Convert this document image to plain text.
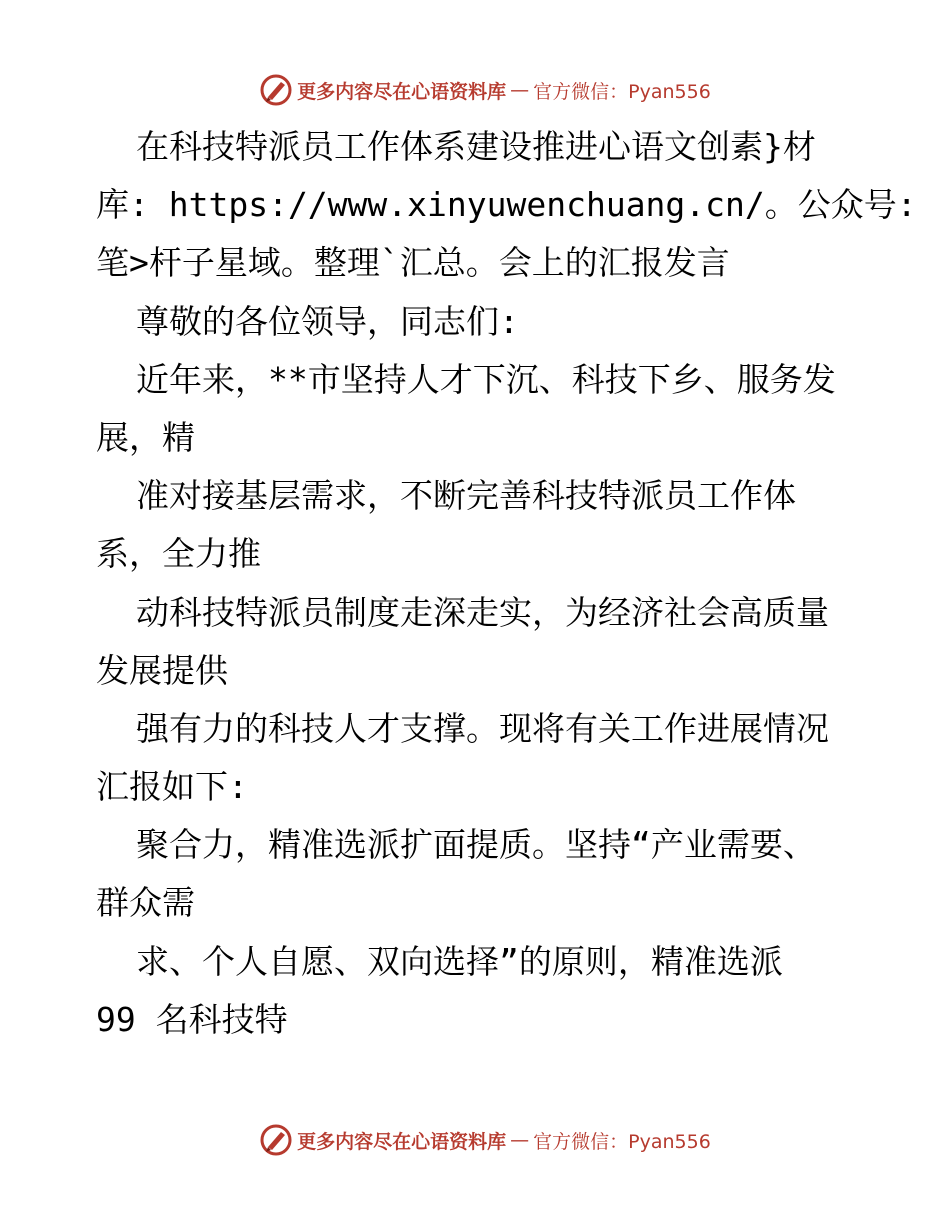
更多内容尽在心语资料库 — 官方微信：Pyan556
在科技特派员工作体系建设推进心语文创素}材
库: https://www.xinyuwenchuang.cn/。公众号:
笔>杆子星域。整理`汇总。会上的汇报发言
尊敬的各位领导，同志们:
近年来，**市坚持人才下沉、科技下乡、服务发
展，精
准对接基层需求，不断完善科技特派员工作体
系，全力推
动科技特派员制度走深走实，为经济社会高质量
发展提供
强有力的科技人才支撑。现将有关工作进展情况
汇报如下:
聚合力，精准选派扩面提质。坚持“产业需要、
群众需
求、个人自愿、双向选择”的原则，精准选派
99 名科技特
更多内容尽在心语资料库 — 官方微信：Pyan556
